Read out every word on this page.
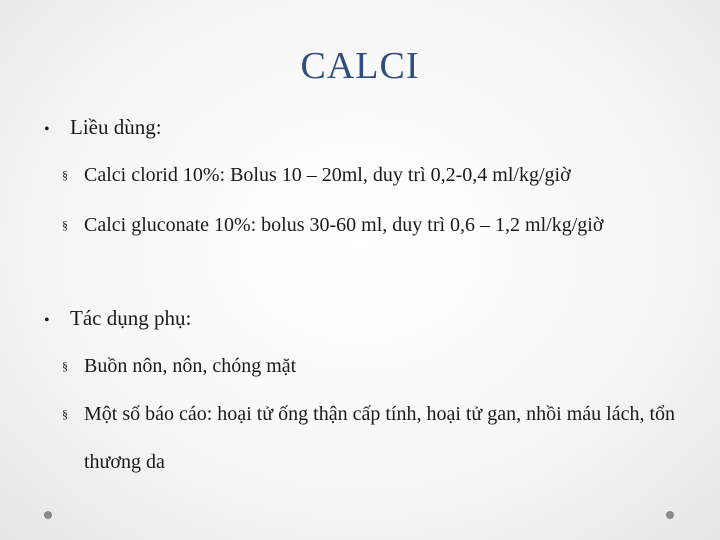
CALCI
• Liều dùng:
§ Calci clorid 10%: Bolus 10 – 20ml, duy trì 0,2-0,4 ml/kg/giờ
§ Calci gluconate 10%: bolus 30-60 ml, duy trì 0,6 – 1,2 ml/kg/giờ
• Tác dụng phụ:
§ Buồn nôn, nôn, chóng mặt
§ Một số báo cáo: hoại tử ống thận cấp tính, hoại tử gan, nhồi máu lách, tổn thương da
